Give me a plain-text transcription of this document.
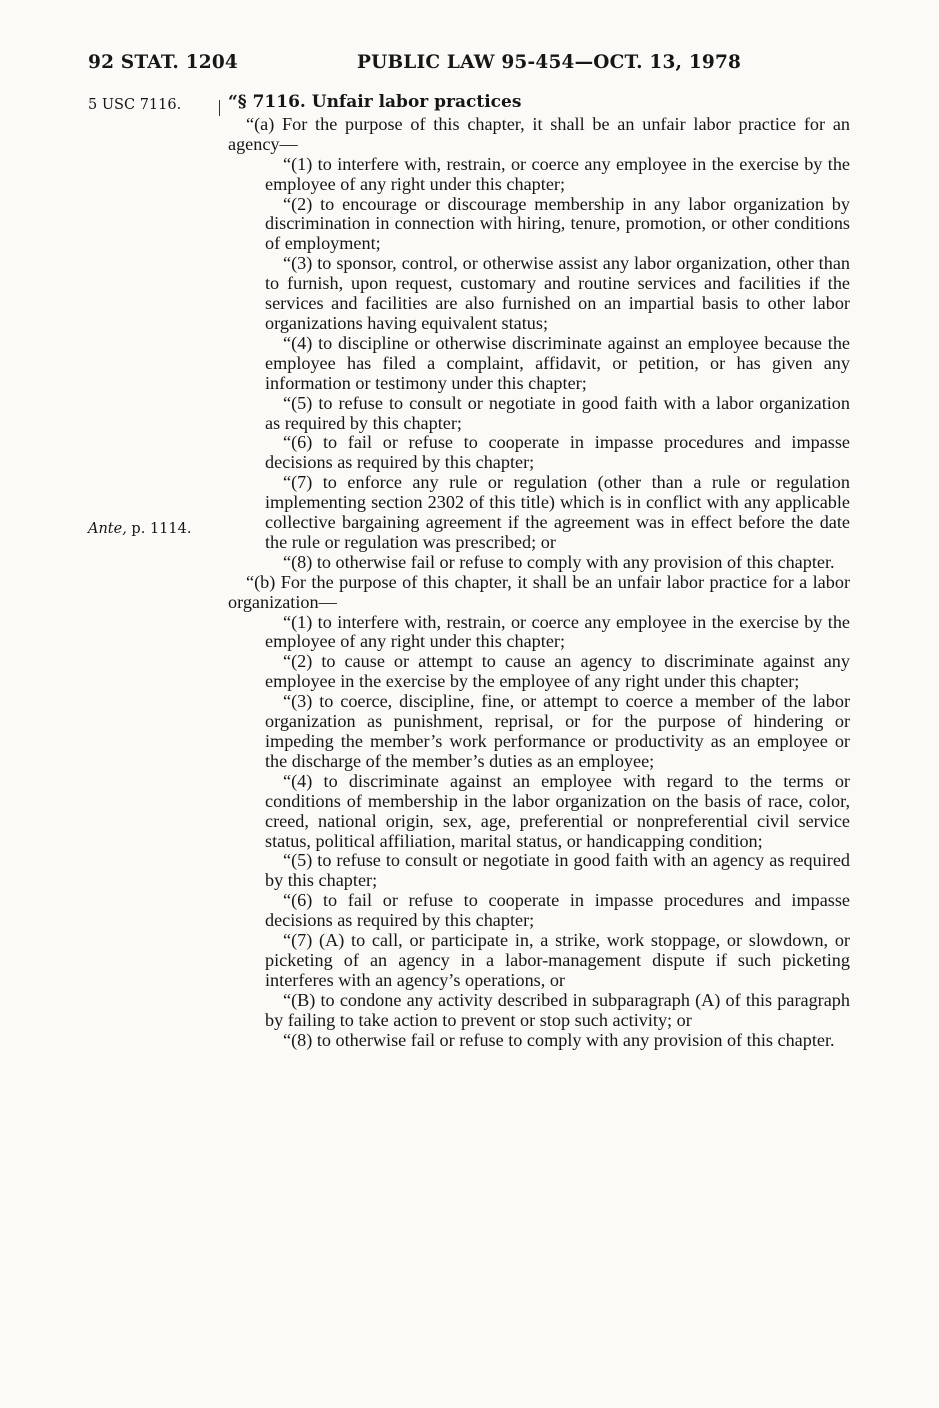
92 STAT. 1204	PUBLIC LAW 95-454—OCT. 13, 1978
5 USC 7116.
Ante, p. 1114.

“§ 7116. Unfair labor practices

“(a) For the purpose of this chapter, it shall be an unfair labor practice for an agency—

“(1) to interfere with, restrain, or coerce any employee in the exercise by the employee of any right under this chapter;

“(2) to encourage or discourage membership in any labor organization by discrimination in connection with hiring, tenure, promotion, or other conditions of employment;

“(3) to sponsor, control, or otherwise assist any labor organization, other than to furnish, upon request, customary and routine services and facilities if the services and facilities are also furnished on an impartial basis to other labor organizations having equivalent status;

“(4) to discipline or otherwise discriminate against an employee because the employee has filed a complaint, affidavit, or petition, or has given any information or testimony under this chapter;

“(5) to refuse to consult or negotiate in good faith with a labor organization as required by this chapter;

“(6) to fail or refuse to cooperate in impasse procedures and impasse decisions as required by this chapter;

“(7) to enforce any rule or regulation (other than a rule or regulation implementing section 2302 of this title) which is in conflict with any applicable collective bargaining agreement if the agreement was in effect before the date the rule or regulation was prescribed; or

“(8) to otherwise fail or refuse to comply with any provision of this chapter.

“(b) For the purpose of this chapter, it shall be an unfair labor practice for a labor organization—

“(1) to interfere with, restrain, or coerce any employee in the exercise by the employee of any right under this chapter;

“(2) to cause or attempt to cause an agency to discriminate against any employee in the exercise by the employee of any right under this chapter;

“(3) to coerce, discipline, fine, or attempt to coerce a member of the labor organization as punishment, reprisal, or for the purpose of hindering or impeding the member’s work performance or productivity as an employee or the discharge of the member’s duties as an employee;

“(4) to discriminate against an employee with regard to the terms or conditions of membership in the labor organization on the basis of race, color, creed, national origin, sex, age, preferential or nonpreferential civil service status, political affiliation, marital status, or handicapping condition;

“(5) to refuse to consult or negotiate in good faith with an agency as required by this chapter;

“(6) to fail or refuse to cooperate in impasse procedures and impasse decisions as required by this chapter;

“(7) (A) to call, or participate in, a strike, work stoppage, or slowdown, or picketing of an agency in a labor-management dispute if such picketing interferes with an agency’s operations, or

“(B) to condone any activity described in subparagraph (A) of this paragraph by failing to take action to prevent or stop such activity; or

“(8) to otherwise fail or refuse to comply with any provision of this chapter.
